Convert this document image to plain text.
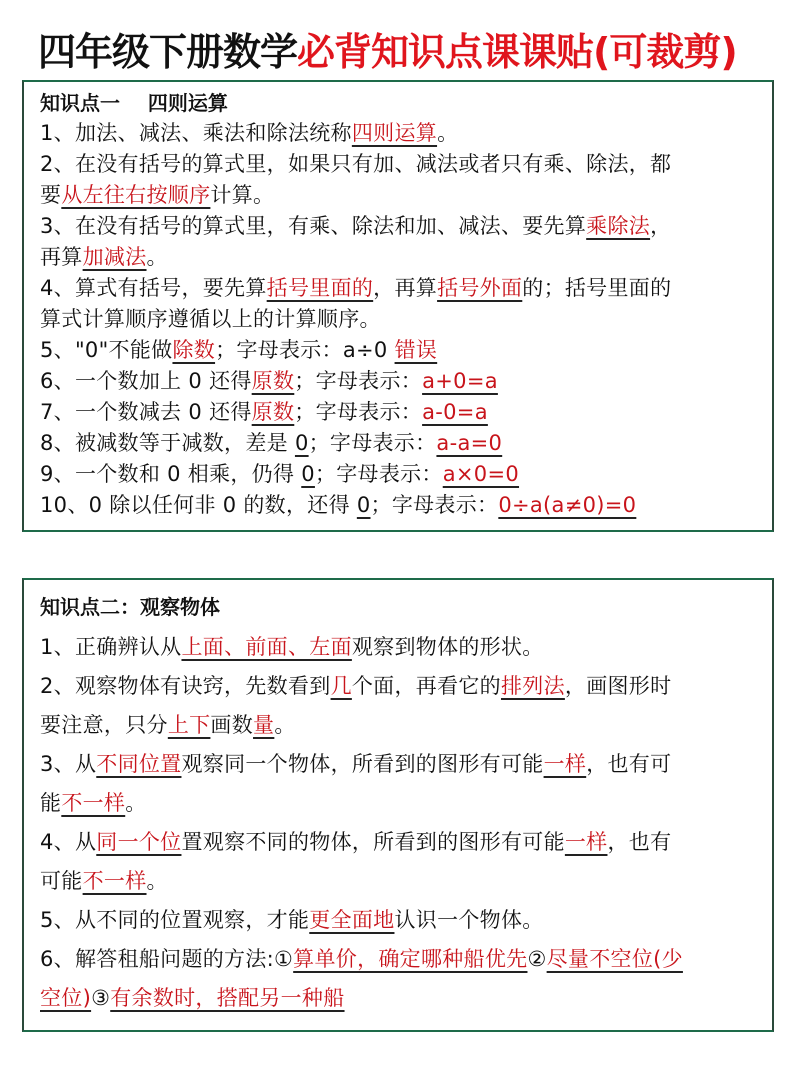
四年级下册数学必背知识点课课贴(可裁剪)
知识点一    四则运算
1、加法、减法、乘法和除法统称四则运算。
2、在没有括号的算式里，如果只有加、减法或者只有乘、除法，都
要从左往右按顺序计算。
3、在没有括号的算式里，有乘、除法和加、减法、要先算乘除法，
再算加减法。
4、算式有括号，要先算括号里面的，再算括号外面的；括号里面的
算式计算顺序遵循以上的计算顺序。
5、"0"不能做除数；字母表示：a÷0 错误
6、一个数加上 0 还得原数；字母表示：a+0=a
7、一个数减去 0 还得原数；字母表示：a-0=a
8、被减数等于减数，差是 0；字母表示：a-a=0
9、一个数和 0 相乘，仍得 0；字母表示：a×0=0
10、0 除以任何非 0 的数，还得 0；字母表示：0÷a(a≠0)=0
知识点二：观察物体
1、正确辨认从上面、前面、左面观察到物体的形状。
2、观察物体有诀窍，先数看到几个面，再看它的排列法，画图形时
要注意，只分上下画数量。
3、从不同位置观察同一个物体，所看到的图形有可能一样，也有可
能不一样。
4、从同一个位置观察不同的物体，所看到的图形有可能一样，也有
可能不一样。
5、从不同的位置观察，才能更全面地认识一个物体。
6、解答租船问题的方法:①算单价，确定哪种船优先②尽量不空位(少
空位)③有余数时，搭配另一种船
